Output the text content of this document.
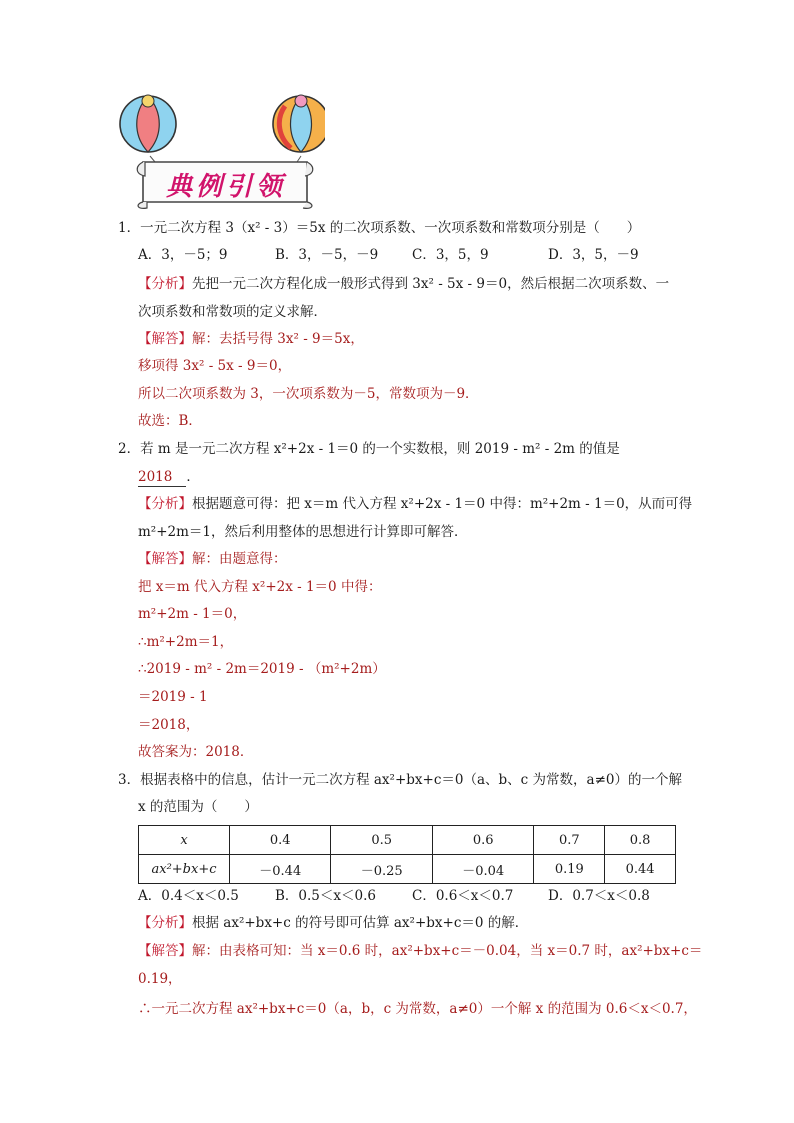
典例引领
1．一元二次方程 3（x² - 3）＝5x 的二次项系数、一次项系数和常数项分别是（　　）
A．3，－5；9	B．3，－5，－9	C．3，5，9	D．3，5，－9
【分析】先把一元二次方程化成一般形式得到 3x² - 5x - 9＝0，然后根据二次项系数、一
次项系数和常数项的定义求解．
【解答】解：去括号得 3x² - 9＝5x，
移项得 3x² - 5x - 9＝0，
所以二次项系数为 3，一次项系数为－5，常数项为－9．
故选：B．
2．若 m 是一元二次方程 x²+2x - 1＝0 的一个实数根，则 2019 - m² - 2m 的值是
2018 ．
【分析】根据题意可得：把 x＝m 代入方程 x²+2x - 1＝0 中得：m²+2m - 1＝0，从而可得
m²+2m＝1，然后利用整体的思想进行计算即可解答．
【解答】解：由题意得：
把 x＝m 代入方程 x²+2x - 1＝0 中得：
m²+2m - 1＝0，
∴m²+2m＝1，
∴2019 - m² - 2m＝2019 - （m²+2m）
＝2019 - 1
＝2018，
故答案为：2018．
3．根据表格中的信息，估计一元二次方程 ax²+bx+c＝0（a、b、c 为常数，a≠0）的一个解
x 的范围为（　　）
x	0.4	0.5	0.6	0.7	0.8
ax²+bx+c	－0.44	－0.25	－0.04	0.19	0.44
A．0.4＜x＜0.5	B．0.5＜x＜0.6	C．0.6＜x＜0.7	D．0.7＜x＜0.8
【分析】根据 ax²+bx+c 的符号即可估算 ax²+bx+c＝0 的解．
【解答】解：由表格可知：当 x＝0.6 时，ax²+bx+c＝－0.04，当 x＝0.7 时，ax²+bx+c＝
0.19，
∴一元二次方程 ax²+bx+c＝0（a，b，c 为常数，a≠0）一个解 x 的范围为 0.6＜x＜0.7，
